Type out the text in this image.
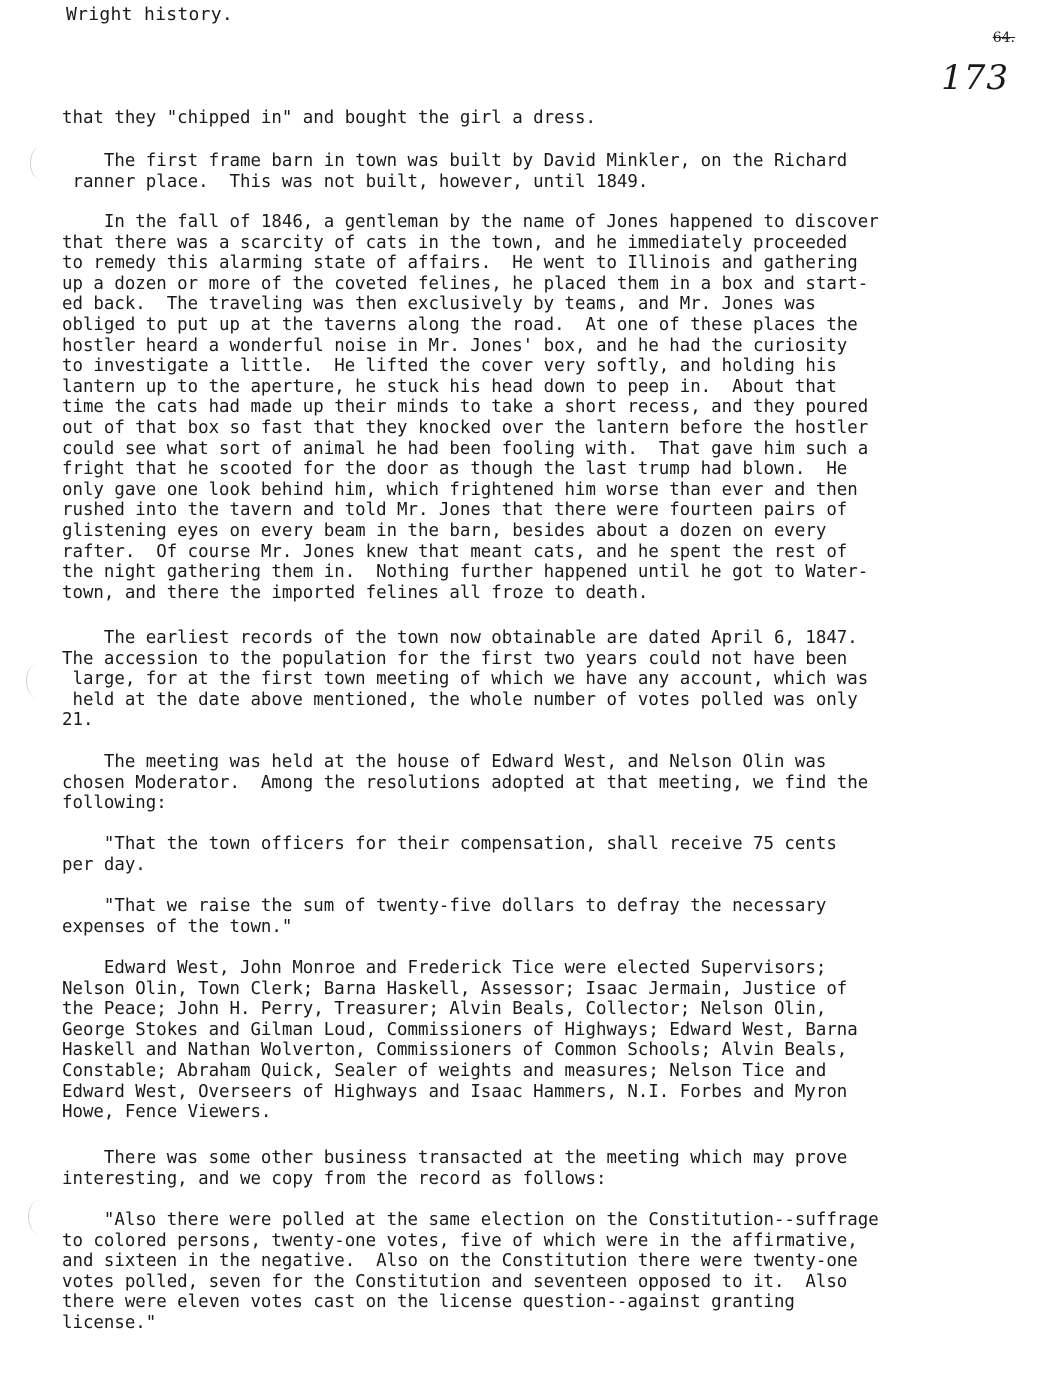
Wright history.
64.
173

that they "chipped in" and bought the girl a dress.

The first frame barn in town was built by David Minkler, on the Richard
ranner place.  This was not built, however, until 1849.

In the fall of 1846, a gentleman by the name of Jones happened to discover
that there was a scarcity of cats in the town, and he immediately proceeded
to remedy this alarming state of affairs.  He went to Illinois and gathering
up a dozen or more of the coveted felines, he placed them in a box and start-
ed back.  The traveling was then exclusively by teams, and Mr. Jones was
obliged to put up at the taverns along the road.  At one of these places the
hostler heard a wonderful noise in Mr. Jones' box, and he had the curiosity
to investigate a little.  He lifted the cover very softly, and holding his
lantern up to the aperture, he stuck his head down to peep in.  About that
time the cats had made up their minds to take a short recess, and they poured
out of that box so fast that they knocked over the lantern before the hostler
could see what sort of animal he had been fooling with.  That gave him such a
fright that he scooted for the door as though the last trump had blown.  He
only gave one look behind him, which frightened him worse than ever and then
rushed into the tavern and told Mr. Jones that there were fourteen pairs of
glistening eyes on every beam in the barn, besides about a dozen on every
rafter.  Of course Mr. Jones knew that meant cats, and he spent the rest of
the night gathering them in.  Nothing further happened until he got to Water-
town, and there the imported felines all froze to death.

The earliest records of the town now obtainable are dated April 6, 1847.
The accession to the population for the first two years could not have been
large, for at the first town meeting of which we have any account, which was
held at the date above mentioned, the whole number of votes polled was only
21.

The meeting was held at the house of Edward West, and Nelson Olin was
chosen Moderator.  Among the resolutions adopted at that meeting, we find the
following:

"That the town officers for their compensation, shall receive 75 cents
per day.

"That we raise the sum of twenty-five dollars to defray the necessary
expenses of the town."

Edward West, John Monroe and Frederick Tice were elected Supervisors;
Nelson Olin, Town Clerk; Barna Haskell, Assessor; Isaac Jermain, Justice of
the Peace; John H. Perry, Treasurer; Alvin Beals, Collector; Nelson Olin,
George Stokes and Gilman Loud, Commissioners of Highways; Edward West, Barna
Haskell and Nathan Wolverton, Commissioners of Common Schools; Alvin Beals,
Constable; Abraham Quick, Sealer of weights and measures; Nelson Tice and
Edward West, Overseers of Highways and Isaac Hammers, N.I. Forbes and Myron
Howe, Fence Viewers.

There was some other business transacted at the meeting which may prove
interesting, and we copy from the record as follows:

"Also there were polled at the same election on the Constitution--suffrage
to colored persons, twenty-one votes, five of which were in the affirmative,
and sixteen in the negative.  Also on the Constitution there were twenty-one
votes polled, seven for the Constitution and seventeen opposed to it.  Also
there were eleven votes cast on the license question--against granting
license."
